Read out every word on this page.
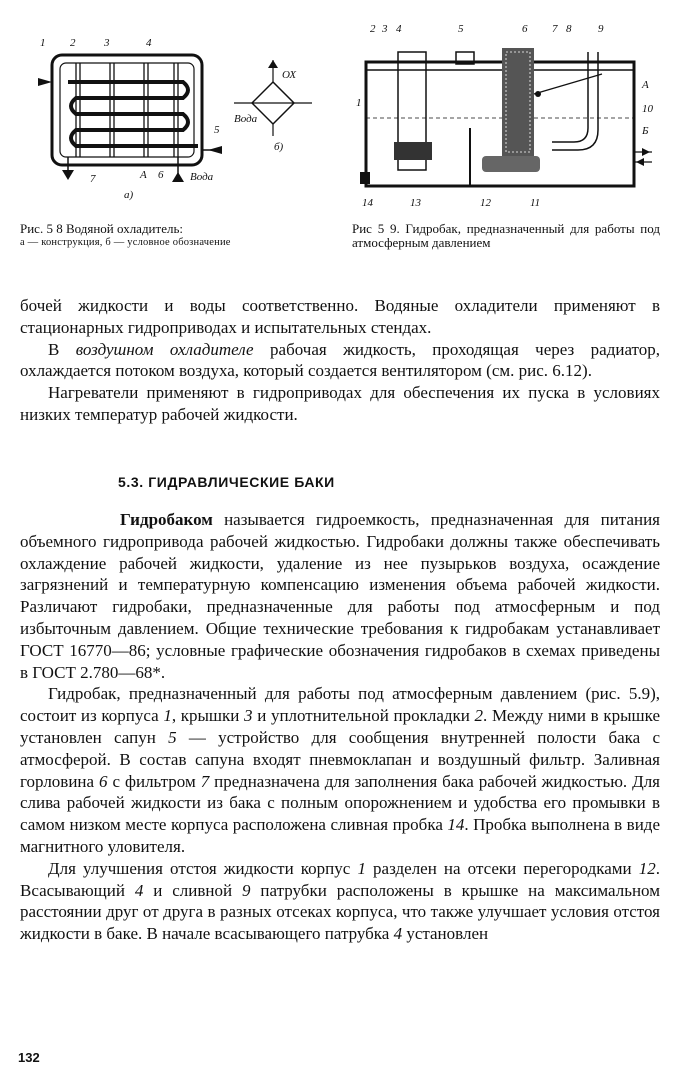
1 2	3	4
5
7	А 6
а)
Вода
ОХ
Вода
б)
2 3 4	5	6 7 8 9
1
А
10
Б
14	13	12	11
Рис. 5 8 Водяной охладитель:
а — конструкция, б — условное обозначение
Рис 5 9. Гидробак, предназначенный для работы под атмосферным давлением

бочей жидкости и воды соответственно. Водяные охладители применяют в стационарных гидроприводах и испытательных стендах.

В воздушном охладителе рабочая жидкость, проходящая через радиатор, охлаждается потоком воздуха, который создается вентилятором (см. рис. 6.12).

Нагреватели применяют в гидроприводах для обеспечения их пуска в условиях низких температур рабочей жидкости.

5.3. ГИДРАВЛИЧЕСКИЕ БАКИ

Гидробаком называется гидроемкость, предназначенная для питания объемного гидропривода рабочей жидкостью. Гидробаки должны также обеспечивать охлаждение рабочей жидкости, удаление из нее пузырьков воздуха, осаждение загрязнений и температурную компенсацию изменения объема рабочей жидкости. Различают гидробаки, предназначенные для работы под атмосферным и под избыточным давлением. Общие технические требования к гидробакам устанавливает ГОСТ 16770—86; условные графические обозначения гидробаков в схемах приведены в ГОСТ 2.780—68*.

Гидробак, предназначенный для работы под атмосферным давлением (рис. 5.9), состоит из корпуса 1, крышки 3 и уплотнительной прокладки 2. Между ними в крышке установлен сапун 5 — устройство для сообщения внутренней полости бака с атмосферой. В состав сапуна входят пневмоклапан и воздушный фильтр. Заливная горловина 6 с фильтром 7 предназначена для заполнения бака рабочей жидкостью. Для слива рабочей жидкости из бака с полным опорожнением и удобства его промывки в самом низком месте корпуса расположена сливная пробка 14. Пробка выполнена в виде магнитного уловителя.

Для улучшения отстоя жидкости корпус 1 разделен на отсеки перегородками 12. Всасывающий 4 и сливной 9 патрубки расположены в крышке на максимальном расстоянии друг от друга в разных отсеках корпуса, что также улучшает условия отстоя жидкости в баке. В начале всасывающего патрубка 4 установлен

132
